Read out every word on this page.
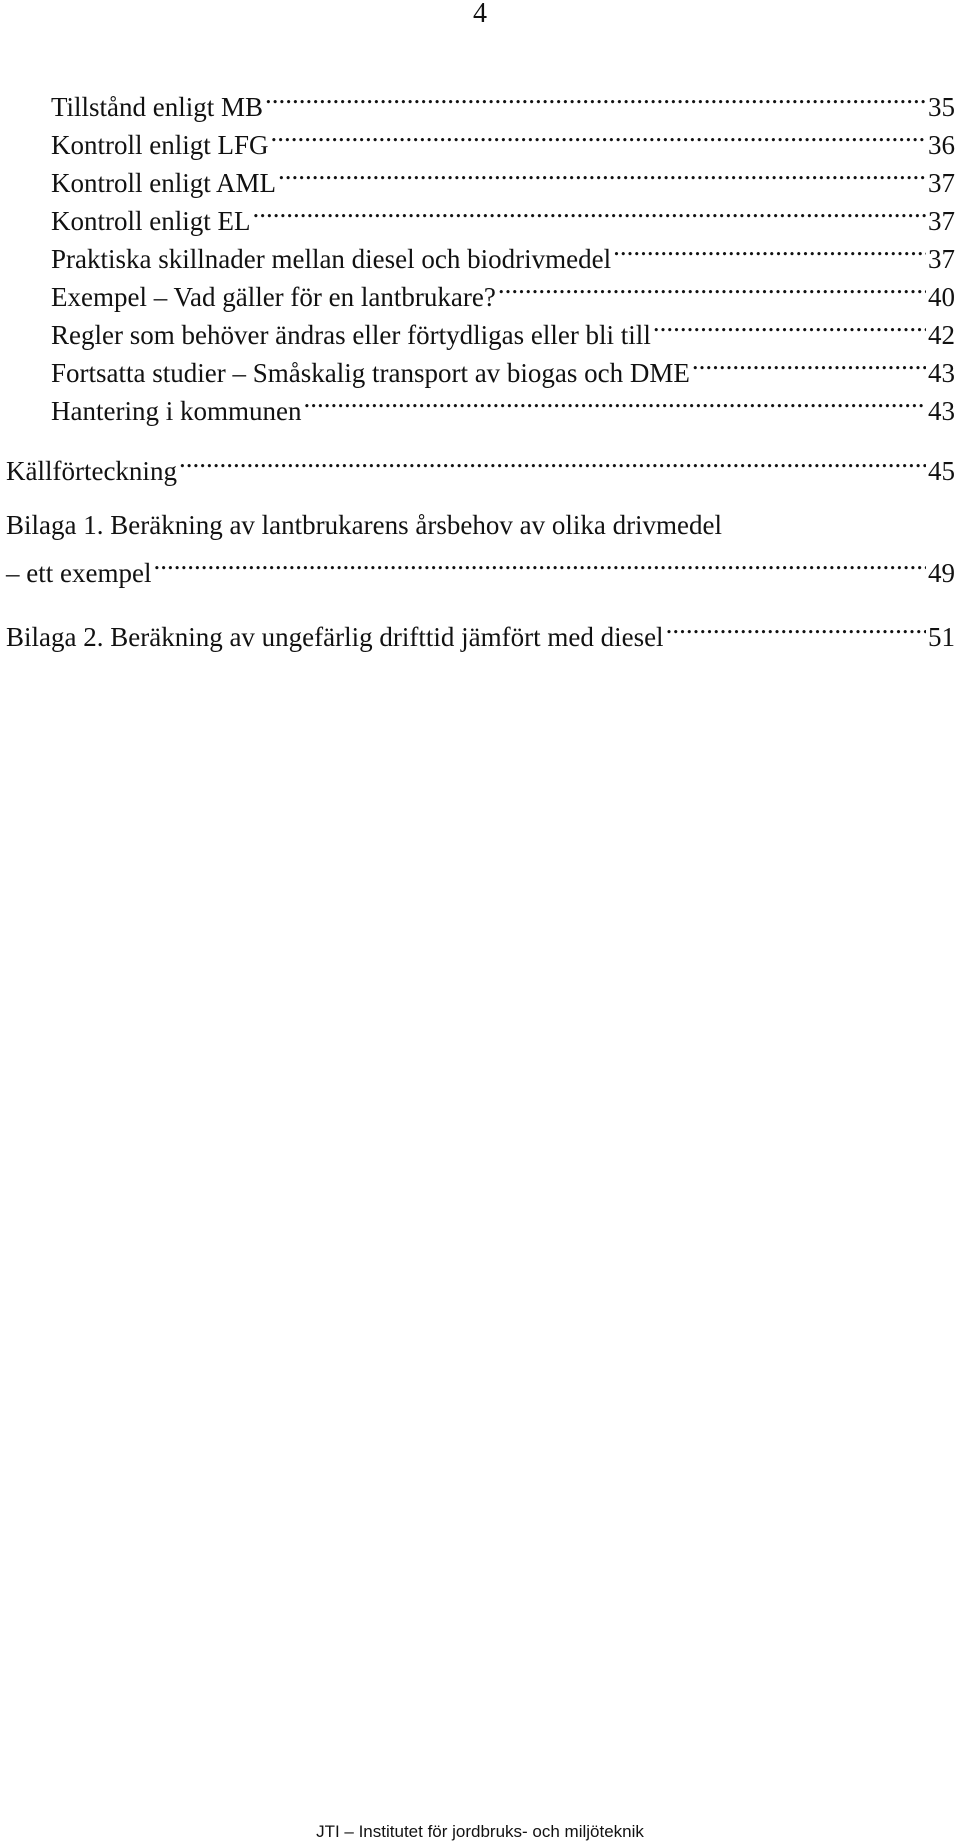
4
Tillstånd enligt MB .....	35
Kontroll enligt LFG .....	36
Kontroll enligt AML .....	37
Kontroll enligt EL .....	37
Praktiska skillnader mellan diesel och biodrivmedel .....	37
Exempel – Vad gäller för en lantbrukare? .....	40
Regler som behöver ändras eller förtydligas eller bli till .....	42
Fortsatta studier – Småskalig transport av biogas och DME .....	43
Hantering i kommunen .....	43
Källförteckning .....	45
Bilaga 1. Beräkning av lantbrukarens årsbehov av olika drivmedel
– ett exempel .....	49
Bilaga 2. Beräkning av ungefärlig drifttid jämfört med diesel .....	51
JTI – Institutet för jordbruks- och miljöteknik
